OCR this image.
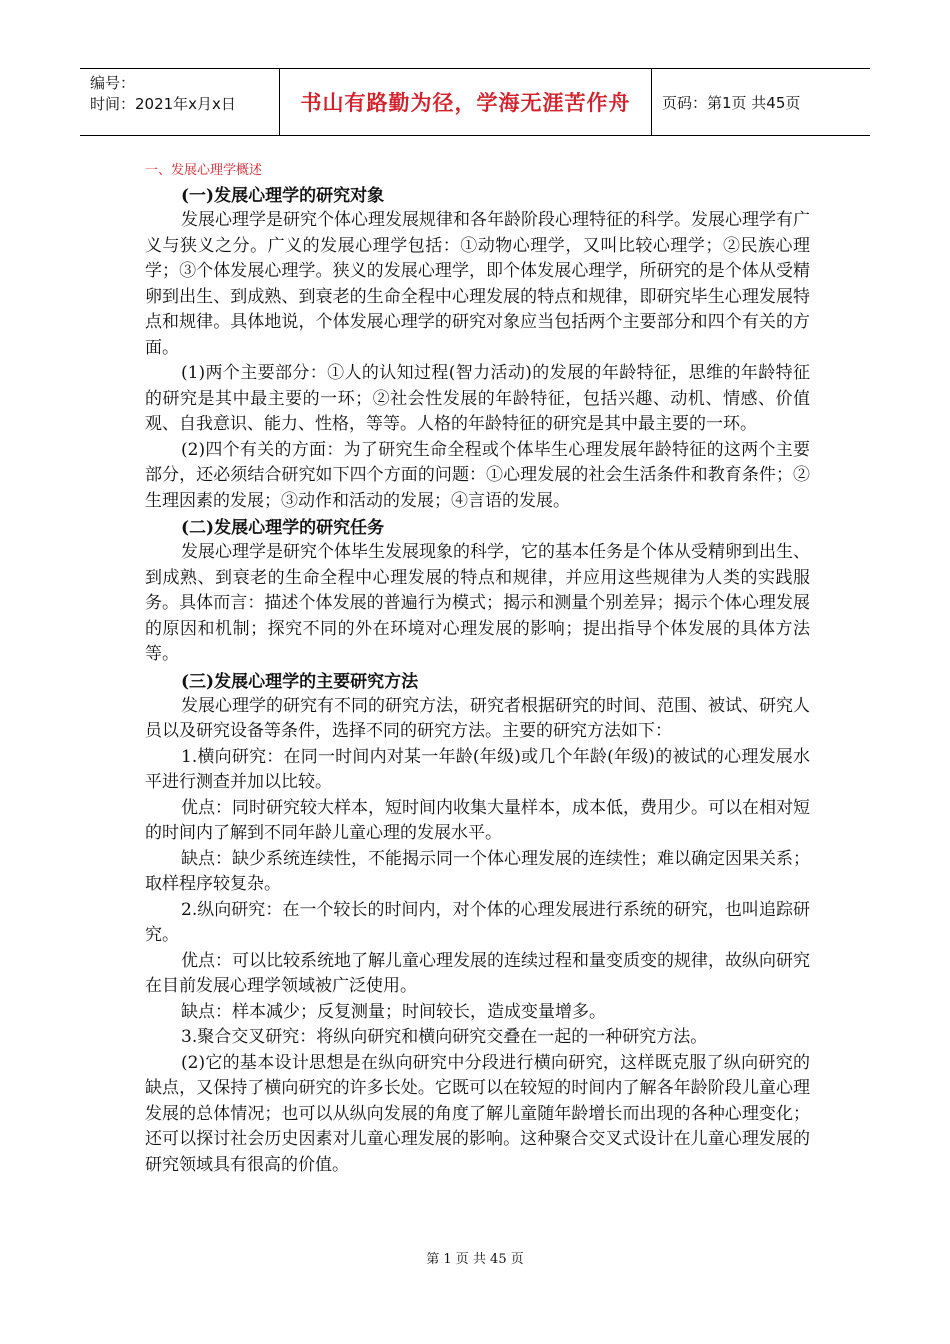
编号：
时间：2021年x月x日	书山有路勤为径，学海无涯苦作舟 页码：第1页 共45页
一、发展心理学概述
(一)发展心理学的研究对象

发展心理学是研究个体心理发展规律和各年龄阶段心理特征的科学。发展心理学有广义与狭义之分。广义的发展心理学包括：①动物心理学，又叫比较心理学；②民族心理学；③个体发展心理学。狭义的发展心理学，即个体发展心理学，所研究的是个体从受精卵到出生、到成熟、到衰老的生命全程中心理发展的特点和规律，即研究毕生心理发展特点和规律。具体地说，个体发展心理学的研究对象应当包括两个主要部分和四个有关的方面。

(1)两个主要部分：①人的认知过程(智力活动)的发展的年龄特征，思维的年龄特征的研究是其中最主要的一环；②社会性发展的年龄特征，包括兴趣、动机、情感、价值观、自我意识、能力、性格，等等。人格的年龄特征的研究是其中最主要的一环。

(2)四个有关的方面：为了研究生命全程或个体毕生心理发展年龄特征的这两个主要部分，还必须结合研究如下四个方面的问题：①心理发展的社会生活条件和教育条件；②生理因素的发展；③动作和活动的发展；④言语的发展。

(二)发展心理学的研究任务

发展心理学是研究个体毕生发展现象的科学，它的基本任务是个体从受精卵到出生、到成熟、到衰老的生命全程中心理发展的特点和规律，并应用这些规律为人类的实践服务。具体而言：描述个体发展的普遍行为模式；揭示和测量个别差异；揭示个体心理发展的原因和机制；探究不同的外在环境对心理发展的影响；提出指导个体发展的具体方法等。

(三)发展心理学的主要研究方法

发展心理学的研究有不同的研究方法，研究者根据研究的时间、范围、被试、研究人员以及研究设备等条件，选择不同的研究方法。主要的研究方法如下：

1.横向研究：在同一时间内对某一年龄(年级)或几个年龄(年级)的被试的心理发展水平进行测查并加以比较。

优点：同时研究较大样本，短时间内收集大量样本，成本低，费用少。可以在相对短的时间内了解到不同年龄儿童心理的发展水平。

缺点：缺少系统连续性，不能揭示同一个体心理发展的连续性；难以确定因果关系；取样程序较复杂。

2.纵向研究：在一个较长的时间内，对个体的心理发展进行系统的研究，也叫追踪研究。

优点：可以比较系统地了解儿童心理发展的连续过程和量变质变的规律，故纵向研究在目前发展心理学领域被广泛使用。

缺点：样本减少；反复测量；时间较长，造成变量增多。

3.聚合交叉研究：将纵向研究和横向研究交叠在一起的一种研究方法。

(2)它的基本设计思想是在纵向研究中分段进行横向研究，这样既克服了纵向研究的缺点，又保持了横向研究的许多长处。它既可以在较短的时间内了解各年龄阶段儿童心理发展的总体情况；也可以从纵向发展的角度了解儿童随年龄增长而出现的各种心理变化；还可以探讨社会历史因素对儿童心理发展的影响。这种聚合交叉式设计在儿童心理发展的研究领域具有很高的价值。

第 1 页 共 45 页
